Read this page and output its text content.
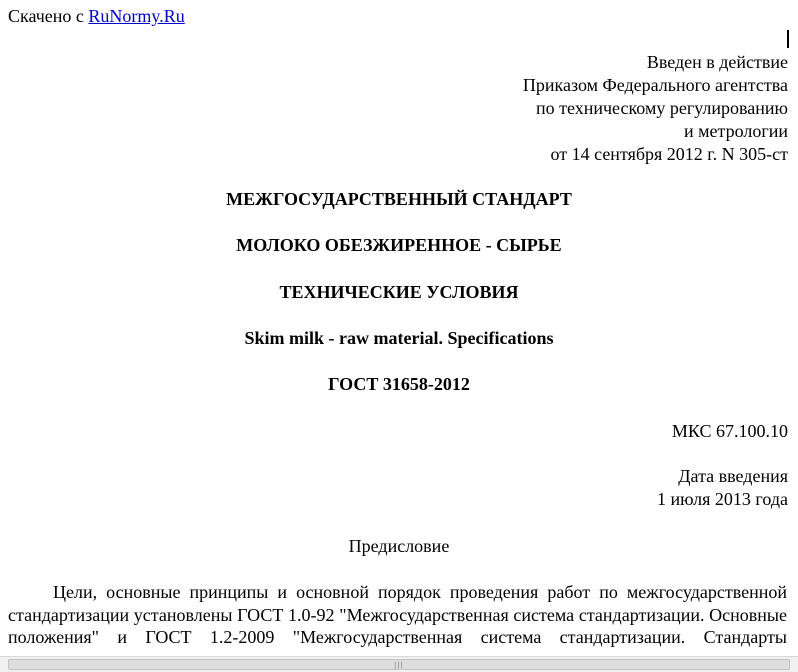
Скачено с RuNormy.Ru
Введен в действие
Приказом Федерального агентства
по техническому регулированию
и метрологии
от 14 сентября 2012 г. N 305-ст
МЕЖГОСУДАРСТВЕННЫЙ СТАНДАРТ
МОЛОКО ОБЕЗЖИРЕННОЕ - СЫРЬЕ
ТЕХНИЧЕСКИЕ УСЛОВИЯ
Skim milk - raw material. Specifications
ГОСТ 31658-2012
МКС 67.100.10
Дата введения
1 июля 2013 года
Предисловие
Цели, основные принципы и основной порядок проведения работ по межгосударственной стандартизации установлены ГОСТ 1.0-92 "Межгосударственная система стандартизации. Основные положения" и ГОСТ 1.2-2009 "Межгосударственная система стандартизации. Стандарты
|||
